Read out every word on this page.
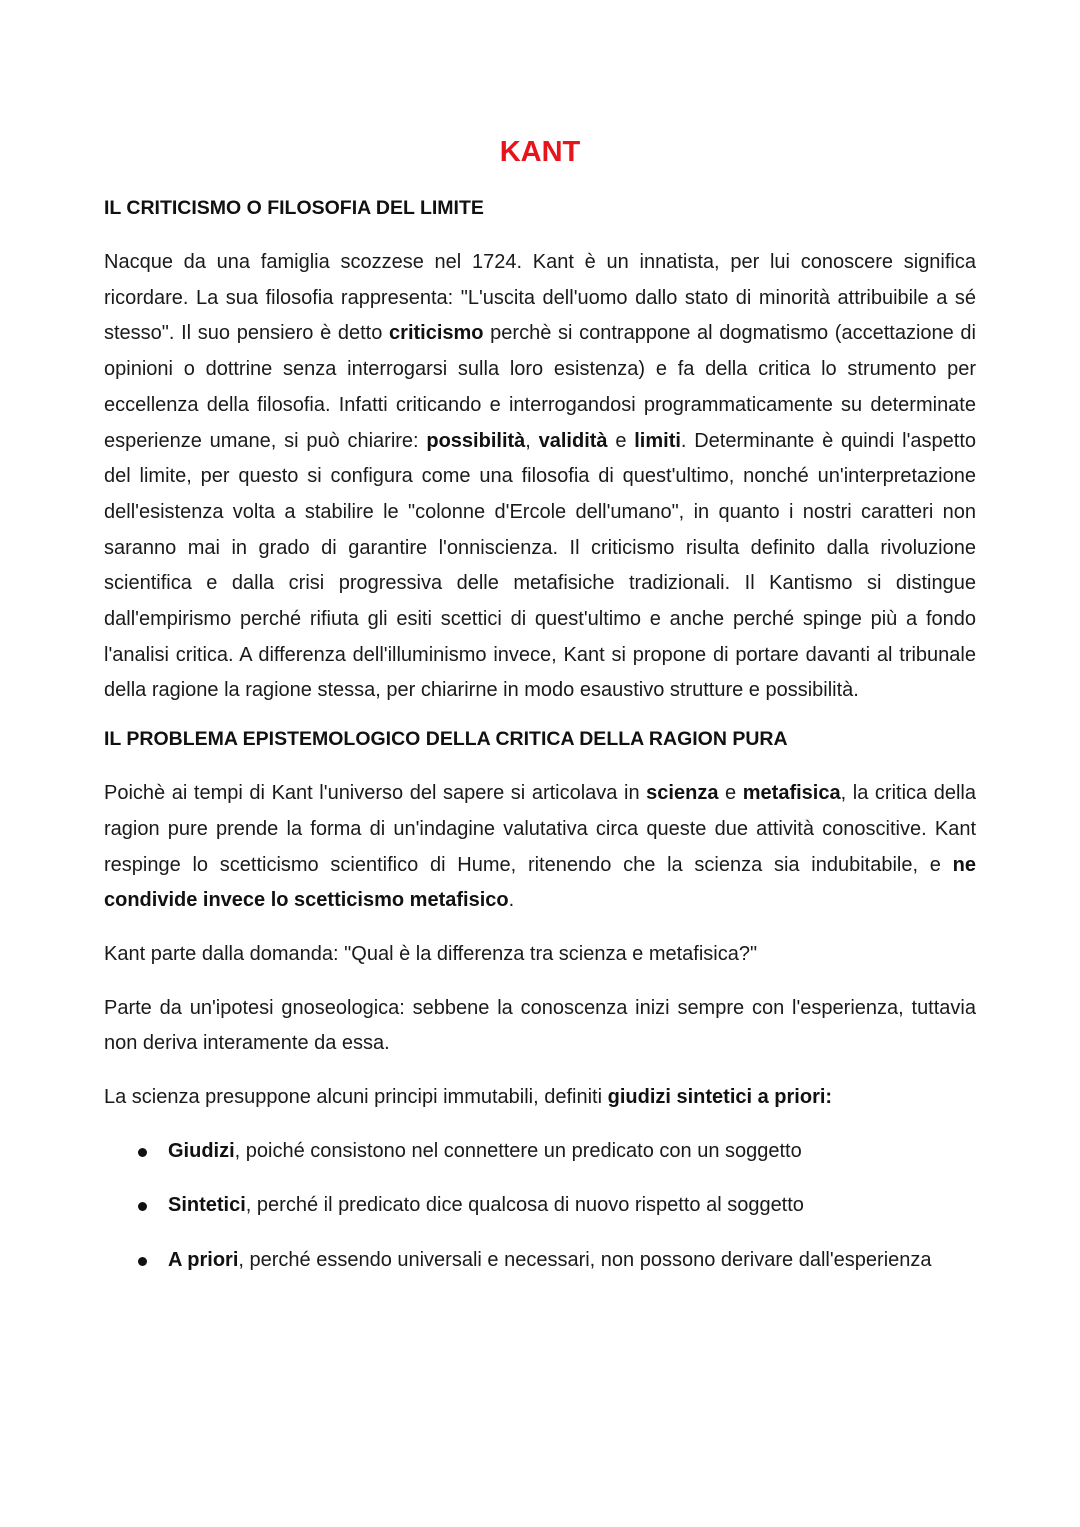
KANT
IL CRITICISMO O FILOSOFIA DEL LIMITE

Nacque da una famiglia scozzese nel 1724. Kant è un innatista, per lui conoscere significa ricordare. La sua filosofia rappresenta: "L'uscita dell'uomo dallo stato di minorità attribuibile a sé stesso". Il suo pensiero è detto criticismo perchè si contrappone al dogmatismo (accettazione di opinioni o dottrine senza interrogarsi sulla loro esistenza) e fa della critica lo strumento per eccellenza della filosofia. Infatti criticando e interrogandosi programmaticamente su determinate esperienze umane, si può chiarire: possibilità, validità e limiti. Determinante è quindi l'aspetto del limite, per questo si configura come una filosofia di quest'ultimo, nonché un'interpretazione dell'esistenza volta a stabilire le "colonne d'Ercole dell'umano", in quanto i nostri caratteri non saranno mai in grado di garantire l'onniscienza. Il criticismo risulta definito dalla rivoluzione scientifica e dalla crisi progressiva delle metafisiche tradizionali. Il Kantismo si distingue dall'empirismo perché rifiuta gli esiti scettici di quest'ultimo e anche perché spinge più a fondo l'analisi critica. A differenza dell'illuminismo invece, Kant si propone di portare davanti al tribunale della ragione la ragione stessa, per chiarirne in modo esaustivo strutture e possibilità.

IL PROBLEMA EPISTEMOLOGICO DELLA CRITICA DELLA RAGION PURA

Poichè ai tempi di Kant l'universo del sapere si articolava in scienza e metafisica, la critica della ragion pure prende la forma di un'indagine valutativa circa queste due attività conoscitive. Kant respinge lo scetticismo scientifico di Hume, ritenendo che la scienza sia indubitabile, e ne condivide invece lo scetticismo metafisico.

Kant parte dalla domanda: "Qual è la differenza tra scienza e metafisica?"

Parte da un'ipotesi gnoseologica: sebbene la conoscenza inizi sempre con l'esperienza, tuttavia non deriva interamente da essa.

La scienza presuppone alcuni principi immutabili, definiti giudizi sintetici a priori:

Giudizi, poiché consistono nel connettere un predicato con un soggetto
Sintetici, perché il predicato dice qualcosa di nuovo rispetto al soggetto
A priori, perché essendo universali e necessari, non possono derivare dall'esperienza
